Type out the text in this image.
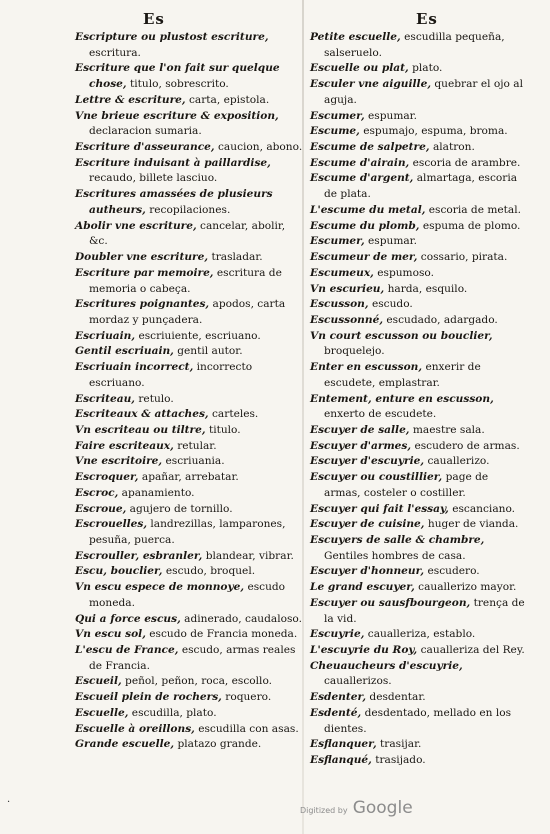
Es	Es

Escripture ou plustost escriture, escritura.

Escriture que l'on fait sur quelque chose, titulo, sobrescrito.

Lettre & escriture, carta, epistola.

Vne brieue escriture & exposition, declaracion sumaria.

Escriture d'asseurance, caucion, abono.

Escriture induisant à paillardise, recaudo, billete lasciuo.

Escritures amassées de plusieurs autheurs, recopilaciones.

Abolir vne escriture, cancelar, abolir, &c.

Doubler vne escriture, trasladar.

Escriture par memoire, escritura de memoria o cabeça.

Escritures poignantes, apodos, carta mordaz y punçadera.

Escriuain, escriuiente, escriuano.

Gentil escriuain, gentil autor.

Escriuain incorrect, incorrecto escriuano.

Escriteau, retulo.

Escriteaux & attaches, carteles.

Vn escriteau ou tiltre, titulo.

Faire escriteaux, retular.

Vne escritoire, escriuania.

Escroquer, apañar, arrebatar.

Escroc, apanamiento.

Escroue, agujero de tornillo.

Escrouelles, landrezillas, lamparones, pesuña, puerca.

Escrouller, esbranler, blandear, vibrar.

Escu, bouclier, escudo, broquel.

Vn escu espece de monnoye, escudo moneda.

Qui a force escus, adinerado, caudaloso.

Vn escu sol, escudo de Francia moneda.

L'escu de France, escudo, armas reales de Francia.

Escueil, peñol, peñon, roca, escollo.

Escueil plein de rochers, roquero.

Escuelle, escudilla, plato.

Escuelle à oreillons, escudilla con asas.

Grande escuelle, platazo grande.

Petite escuelle, escudilla pequeña, salseruelo.

Escuelle ou plat, plato.

Esculer vne aiguille, quebrar el ojo al aguja.

Escumer, espumar.

Escume, espumajo, espuma, broma.

Escume de salpetre, alatron.

Escume d'airain, escoria de arambre.

Escume d'argent, almartaga, escoria de plata.

L'escume du metal, escoria de metal.

Escume du plomb, espuma de plomo.

Escumer, espumar.

Escumeur de mer, cossario, pirata.

Escumeux, espumoso.

Vn escurieu, harda, esquilo.

Escusson, escudo.

Escussonné, escudado, adargado.

Vn court escusson ou bouclier, broquelejo.

Enter en escusson, enxerir de escudete, emplastrar.

Entement, enture en escusson, enxerto de escudete.

Escuyer de salle, maestre sala.

Escuyer d'armes, escudero de armas.

Escuyer d'escuyrie, cauallerizo.

Escuyer ou coustillier, page de armas, costeler o costiller.

Escuyer qui fait l'essay, escanciano.

Escuyer de cuisine, huger de vianda.

Escuyers de salle & chambre, Gentiles hombres de casa.

Escuyer d'honneur, escudero.

Le grand escuyer, cauallerizo mayor.

Escuyer ou sausfbourgeon, trença de la vid.

Escuyrie, caualleriza, establo.

L'escuyrie du Roy, caualleriza del Rey.

Cheuaucheurs d'escuyrie, cauallerizos.

Esdenter, desdentar.

Esdenté, desdentado, mellado en los dientes.

Esflanquer, trasijar.

Esflanqué, trasijado.

·
Digitized by Google
